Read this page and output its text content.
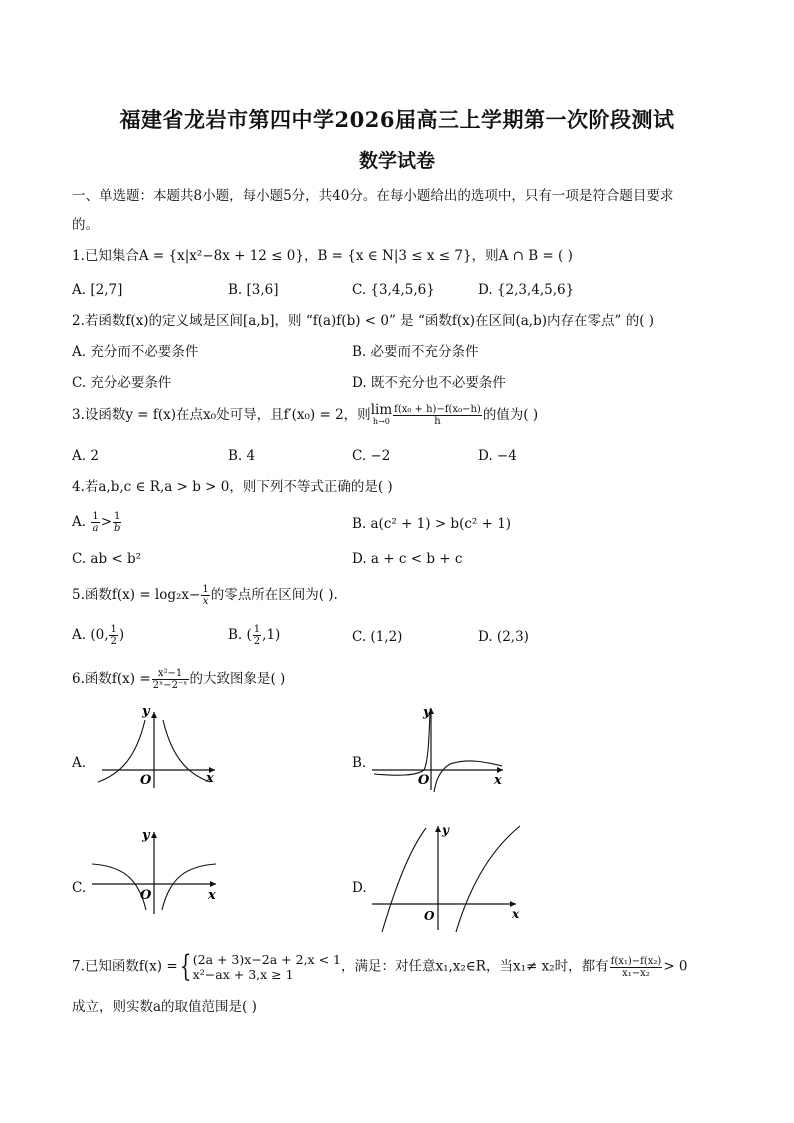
福建省龙岩市第四中学2026届高三上学期第一次阶段测试
数学试卷
一、单选题：本题共8小题，每小题5分，共40分。在每小题给出的选项中，只有一项是符合题目要求
的。
1.已知集合A = {x|x²−8x + 12 ≤ 0}，B = {x ∈ N|3 ≤ x ≤ 7}，则A ∩ B = ( )
A. [2,7]	B. [3,6]	C. {3,4,5,6}	D. {2,3,4,5,6}
2.若函数f(x)的定义域是区间[a,b]，则 “f(a)f(b) < 0” 是 “函数f(x)在区间(a,b)内存在零点” 的( )
A. 充分而不必要条件	B. 必要而不充分条件
C. 充分必要条件	D. 既不充分也不必要条件
3.设函数y = f(x)在点x₀处可导，且f′(x₀) = 2，则lim
$h\to 0 \frac{\text{f(x₀ + h)−f(x₀−h)}}{h}$ 的值为( )
A. 2	B. 4	C. −2	D. −4
4.若a,b,c ∈ R,a > b > 0，则下列不等式正确的是( )
A. $\frac{1}{a} > \frac{1}{b}$	B. a(c² + 1) > b(c² + 1)
C. ab < b²	D. a + c < b + c
5.函数$f(x) = \log_2x- \frac{1}{x}$ 的零点所在区间为( ).
A. (0, $\frac{1}{2}$ )	B. ( $\frac{1}{2} ,1$)	C. (1,2)	D. (2,3)
6.函数$f(x) = \frac{\text{x²−1}}{\text{2ˣ−2⁻ˣ}}$ 的大致图象是( )
A.	B.
C.	D.
y
x
O
y
x
O
y
x
O
y
x
O
7.已知函数f(x) ={ (2a + 3)x−2a + 2,x < 1
x²−ax + 3,x ≥ 1	，满足：对任意x₁,x₂∈R，当x₁≠ x₂时，都有 $\frac{\text{f(x₁)−f(x₂)}}{\text{x₁−x₂}} > 0$
成立，则实数a的取值范围是( )
